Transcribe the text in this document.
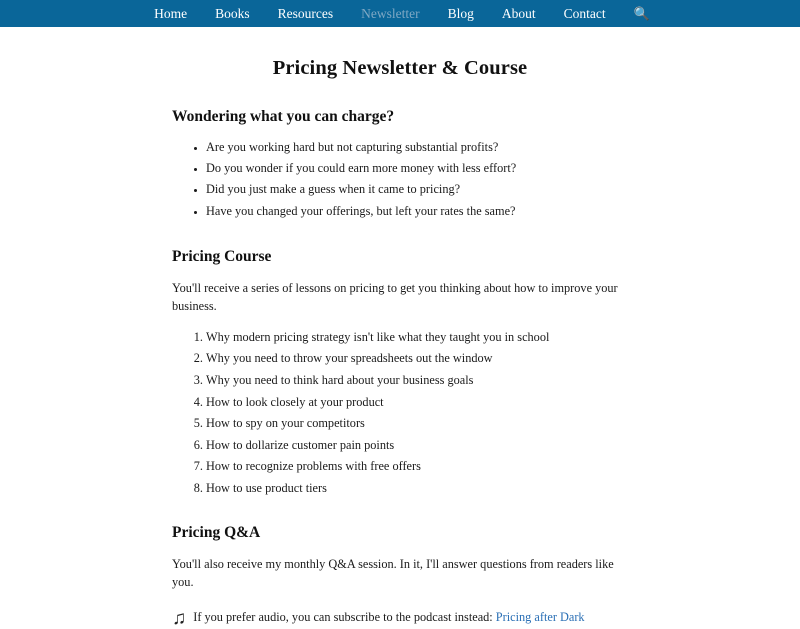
Home	Books	Resources	Newsletter	Blog	About	Contact	🔍
Pricing Newsletter & Course
Wondering what you can charge?
• Are you working hard but not capturing substantial profits?
• Do you wonder if you could earn more money with less effort?
• Did you just make a guess when it came to pricing?
• Have you changed your offerings, but left your rates the same?
Pricing Course

You'll receive a series of lessons on pricing to get you thinking about how to improve your business.

1. Why modern pricing strategy isn't like what they taught you in school
2. Why you need to throw your spreadsheets out the window
3. Why you need to think hard about your business goals
4. How to look closely at your product
5. How to spy on your competitors
6. How to dollarize customer pain points
7. How to recognize problems with free offers
8. How to use product tiers
Pricing Q&A

You'll also receive my monthly Q&A session. In it, I'll answer questions from readers like you.

♫ If you prefer audio, you can subscribe to the podcast instead: Pricing after Dark
